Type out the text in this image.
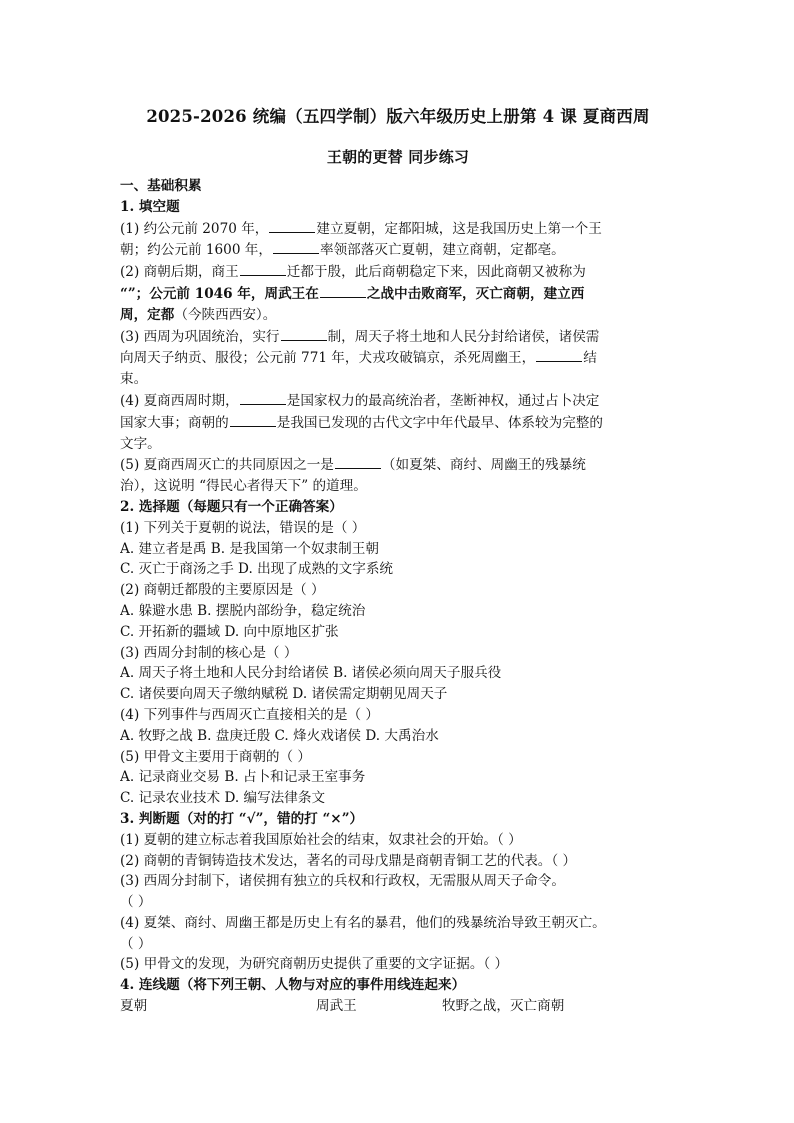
2025-2026 统编（五四学制）版六年级历史上册第 4 课 夏商西周
王朝的更替 同步练习
一、基础积累
1. 填空题
(1) 约公元前 2070 年，	建立夏朝，定都阳城，这是我国历史上第一个王
朝；约公元前 1600 年，	率领部落灭亡夏朝，建立商朝，定都亳。
(2) 商朝后期，商王	迁都于殷，此后商朝稳定下来，因此商朝又被称为
“”；公元前 1046 年，周武王在	之战中击败商军，灭亡商朝，建立西
周，定都（今陕西西安）。
(3) 西周为巩固统治，实行	制，周天子将土地和人民分封给诸侯，诸侯需
向周天子纳贡、服役；公元前 771 年，犬戎攻破镐京，杀死周幽王，	结
束。
(4) 夏商西周时期，	是国家权力的最高统治者，垄断神权，通过占卜决定
国家大事；商朝的	是我国已发现的古代文字中年代最早、体系较为完整的
文字。
(5) 夏商西周灭亡的共同原因之一是	（如夏桀、商纣、周幽王的残暴统
治），这说明 “得民心者得天下” 的道理。
2. 选择题（每题只有一个正确答案）
(1) 下列关于夏朝的说法，错误的是（ ）
A. 建立者是禹 B. 是我国第一个奴隶制王朝
C. 灭亡于商汤之手 D. 出现了成熟的文字系统
(2) 商朝迁都殷的主要原因是（ ）
A. 躲避水患 B. 摆脱内部纷争，稳定统治
C. 开拓新的疆域 D. 向中原地区扩张
(3) 西周分封制的核心是（ ）
A. 周天子将土地和人民分封给诸侯 B. 诸侯必须向周天子服兵役
C. 诸侯要向周天子缴纳赋税 D. 诸侯需定期朝见周天子
(4) 下列事件与西周灭亡直接相关的是（ ）
A. 牧野之战 B. 盘庚迁殷 C. 烽火戏诸侯 D. 大禹治水
(5) 甲骨文主要用于商朝的（ ）
A. 记录商业交易 B. 占卜和记录王室事务
C. 记录农业技术 D. 编写法律条文
3. 判断题（对的打 “√”，错的打 “×”）
(1) 夏朝的建立标志着我国原始社会的结束，奴隶社会的开始。（ ）
(2) 商朝的青铜铸造技术发达，著名的司母戊鼎是商朝青铜工艺的代表。（ ）
(3) 西周分封制下，诸侯拥有独立的兵权和行政权，无需服从周天子命令。
（ ）
(4) 夏桀、商纣、周幽王都是历史上有名的暴君，他们的残暴统治导致王朝灭亡。
（ ）
(5) 甲骨文的发现，为研究商朝历史提供了重要的文字证据。（ ）
4. 连线题（将下列王朝、人物与对应的事件用线连起来）
夏朝	周武王	牧野之战，灭亡商朝
